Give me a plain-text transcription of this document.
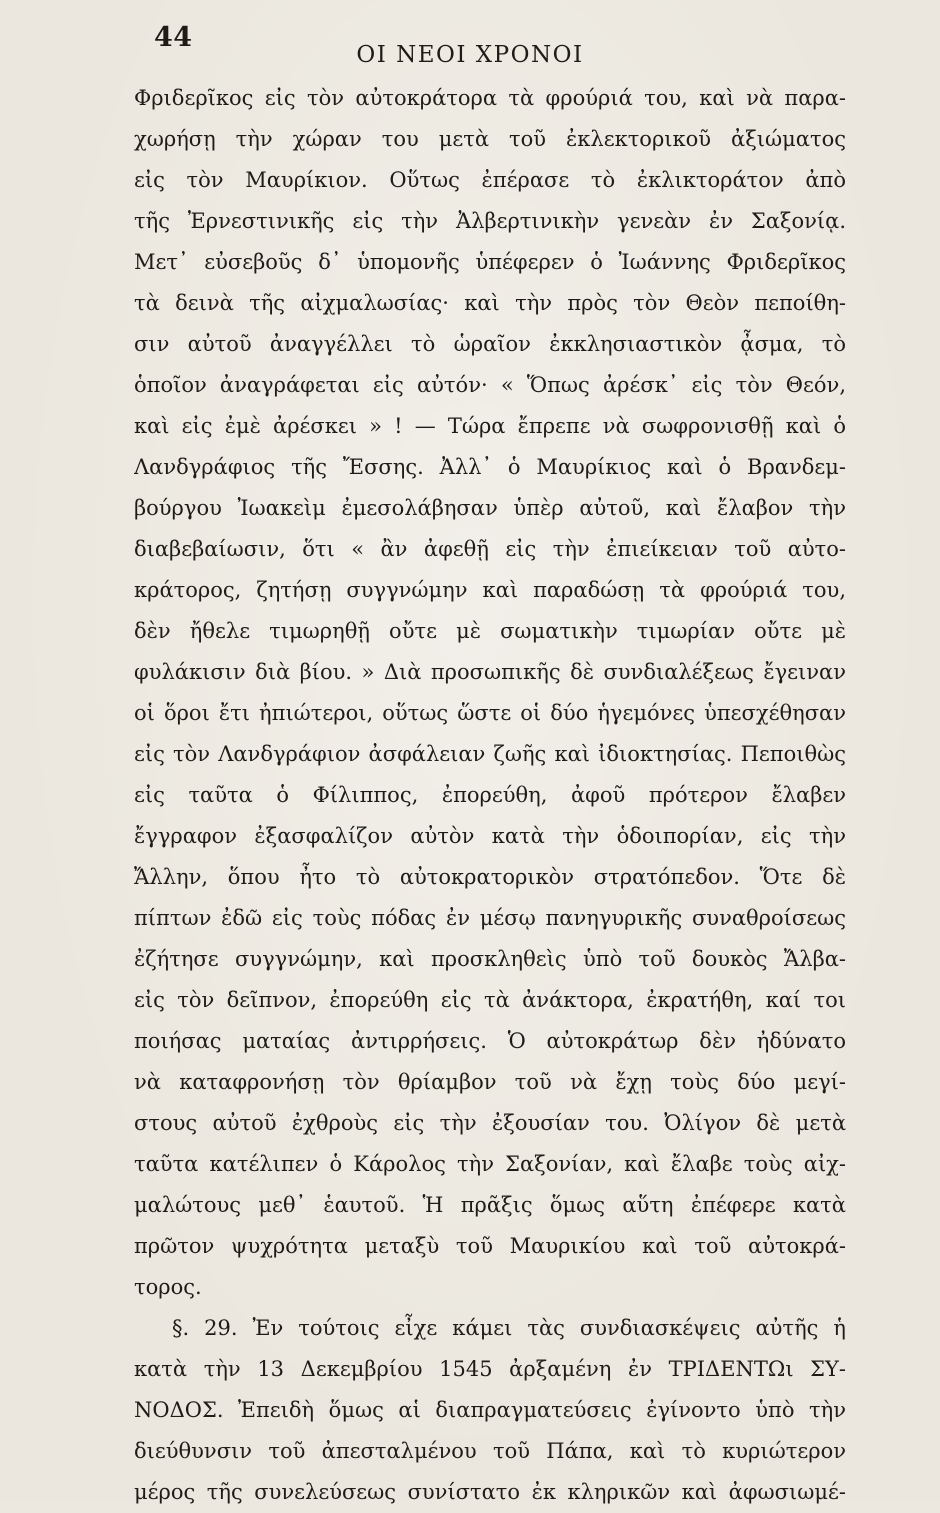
44
ΟΙ ΝΕΟΙ ΧΡΟΝΟΙ
Φριδερῖκος εἰς τὸν αὐτοκράτορα τὰ φρούριά του, καὶ νὰ παρα-
χωρήσῃ τὴν χώραν του μετὰ τοῦ ἐκλεκτορικοῦ ἀξιώματος
εἰς τὸν Μαυρίκιον. Οὕτως ἐπέρασε τὸ ἐκλικτοράτον ἀπὸ
τῆς Ἐρνεστινικῆς εἰς τὴν Ἀλβερτινικὴν γενεὰν ἐν Σαξονίᾳ.
Μετ᾽ εὐσεβοῦς δ᾽ ὑπομονῆς ὑπέφερεν ὁ Ἰωάννης Φριδερῖκος
τὰ δεινὰ τῆς αἰχμαλωσίας· καὶ τὴν πρὸς τὸν Θεὸν πεποίθη-
σιν αὐτοῦ ἀναγγέλλει τὸ ὡραῖον ἐκκλησιαστικὸν ᾆσμα, τὸ
ὁποῖον ἀναγράφεται εἰς αὐτόν· « Ὅπως ἀρέσκ᾽ εἰς τὸν Θεόν,
καὶ εἰς ἐμὲ ἀρέσκει » ! — Τώρα ἔπρεπε νὰ σωφρονισθῇ καὶ ὁ
Λανδγράφιος τῆς Ἔσσης. Ἀλλ᾽ ὁ Μαυρίκιος καὶ ὁ Βρανδεμ-
βούργου Ἰωακεὶμ ἐμεσολάβησαν ὑπὲρ αὐτοῦ, καὶ ἔλαβον τὴν
διαβεβαίωσιν, ὅτι « ἂν ἀφεθῇ εἰς τὴν ἐπιείκειαν τοῦ αὐτο-
κράτορος, ζητήσῃ συγγνώμην καὶ παραδώσῃ τὰ φρούριά του,
δὲν ἤθελε τιμωρηθῇ οὔτε μὲ σωματικὴν τιμωρίαν οὔτε μὲ
φυλάκισιν διὰ βίου. » Διὰ προσωπικῆς δὲ συνδιαλέξεως ἔγειναν
οἱ ὅροι ἔτι ἠπιώτεροι, οὕτως ὥστε οἱ δύο ἡγεμόνες ὑπεσχέθησαν
εἰς τὸν Λανδγράφιον ἀσφάλειαν ζωῆς καὶ ἰδιοκτησίας. Πεποιθὼς
εἰς ταῦτα ὁ Φίλιππος, ἐπορεύθη, ἀφοῦ πρότερον ἔλαβεν
ἔγγραφον ἐξασφαλίζον αὐτὸν κατὰ τὴν ὁδοιπορίαν, εἰς τὴν
Ἄλλην, ὅπου ἦτο τὸ αὐτοκρατορικὸν στρατόπεδον. Ὅτε δὲ
πίπτων ἐδῶ εἰς τοὺς πόδας ἐν μέσῳ πανηγυρικῆς συναθροίσεως
ἐζήτησε συγγνώμην, καὶ προσκληθεὶς ὑπὸ τοῦ δουκὸς Ἄλβα-
εἰς τὸν δεῖπνον, ἐπορεύθη εἰς τὰ ἀνάκτορα, ἐκρατήθη, καί τοι
ποιήσας ματαίας ἀντιρρήσεις. Ὁ αὐτοκράτωρ δὲν ἠδύνατο
νὰ καταφρονήσῃ τὸν θρίαμβον τοῦ νὰ ἔχῃ τοὺς δύο μεγί-
στους αὐτοῦ ἐχθροὺς εἰς τὴν ἐξουσίαν του. Ὀλίγον δὲ μετὰ
ταῦτα κατέλιπεν ὁ Κάρολος τὴν Σαξονίαν, καὶ ἔλαβε τοὺς αἰχ-
μαλώτους μεθ᾽ ἑαυτοῦ. Ἡ πρᾶξις ὅμως αὕτη ἐπέφερε κατὰ
πρῶτον ψυχρότητα μεταξὺ τοῦ Μαυρικίου καὶ τοῦ αὐτοκρά-
τορος.
§. 29. Ἐν τούτοις εἶχε κάμει τὰς συνδιασκέψεις αὐτῆς ἡ
κατὰ τὴν 13 Δεκεμβρίου 1545 ἀρξαμένη ἐν ΤΡΙΔΕΝΤΩι ΣΥ-
ΝΟΔΟΣ. Ἐπειδὴ ὅμως αἱ διαπραγματεύσεις ἐγίνοντο ὑπὸ τὴν
διεύθυνσιν τοῦ ἀπεσταλμένου τοῦ Πάπα, καὶ τὸ κυριώτερον
μέρος τῆς συνελεύσεως συνίστατο ἐκ κληρικῶν καὶ ἀφωσιωμέ-
